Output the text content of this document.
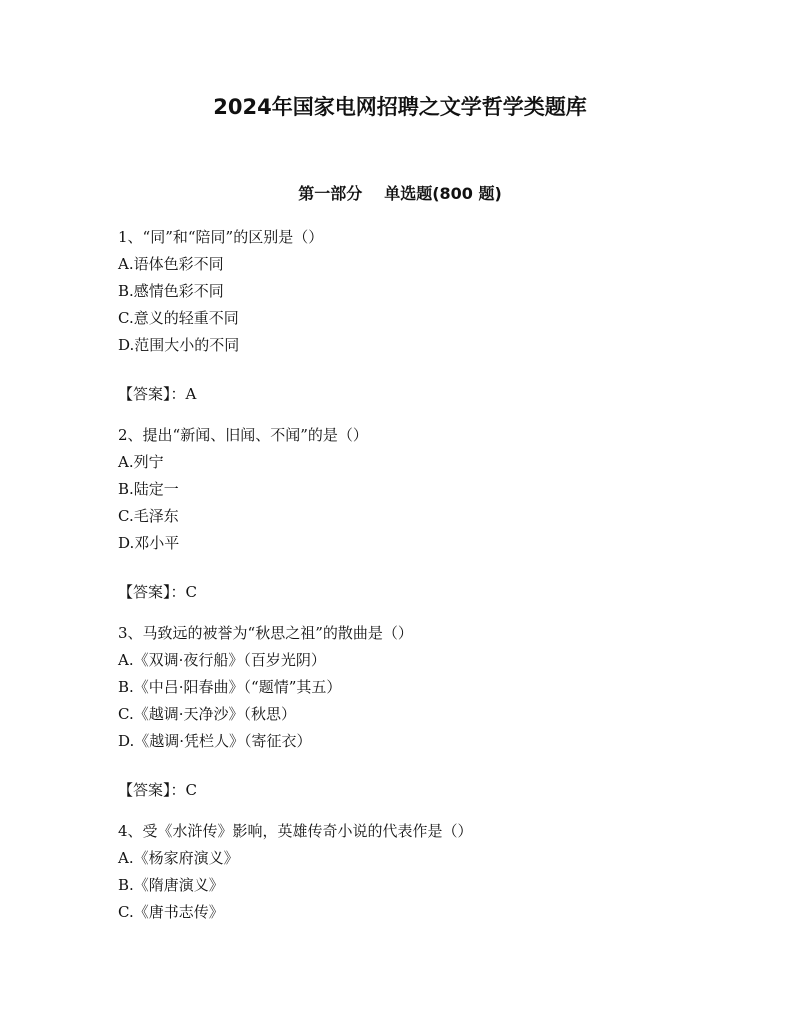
2024年国家电网招聘之文学哲学类题库
第一部分 单选题(800 题)
1、“同”和“陪同”的区别是（）
A.语体色彩不同
B.感情色彩不同
C.意义的轻重不同
D.范围大小的不同
【答案】：A
2、提出“新闻、旧闻、不闻”的是（）
A.列宁
B.陆定一
C.毛泽东
D.邓小平
【答案】：C
3、马致远的被誉为“秋思之祖”的散曲是（）
A.《双调·夜行船》（百岁光阴）
B.《中吕·阳春曲》（“题情”其五）
C.《越调·天净沙》（秋思）
D.《越调·凭栏人》（寄征衣）
【答案】：C
4、受《水浒传》影响，英雄传奇小说的代表作是（）
A.《杨家府演义》
B.《隋唐演义》
C.《唐书志传》
